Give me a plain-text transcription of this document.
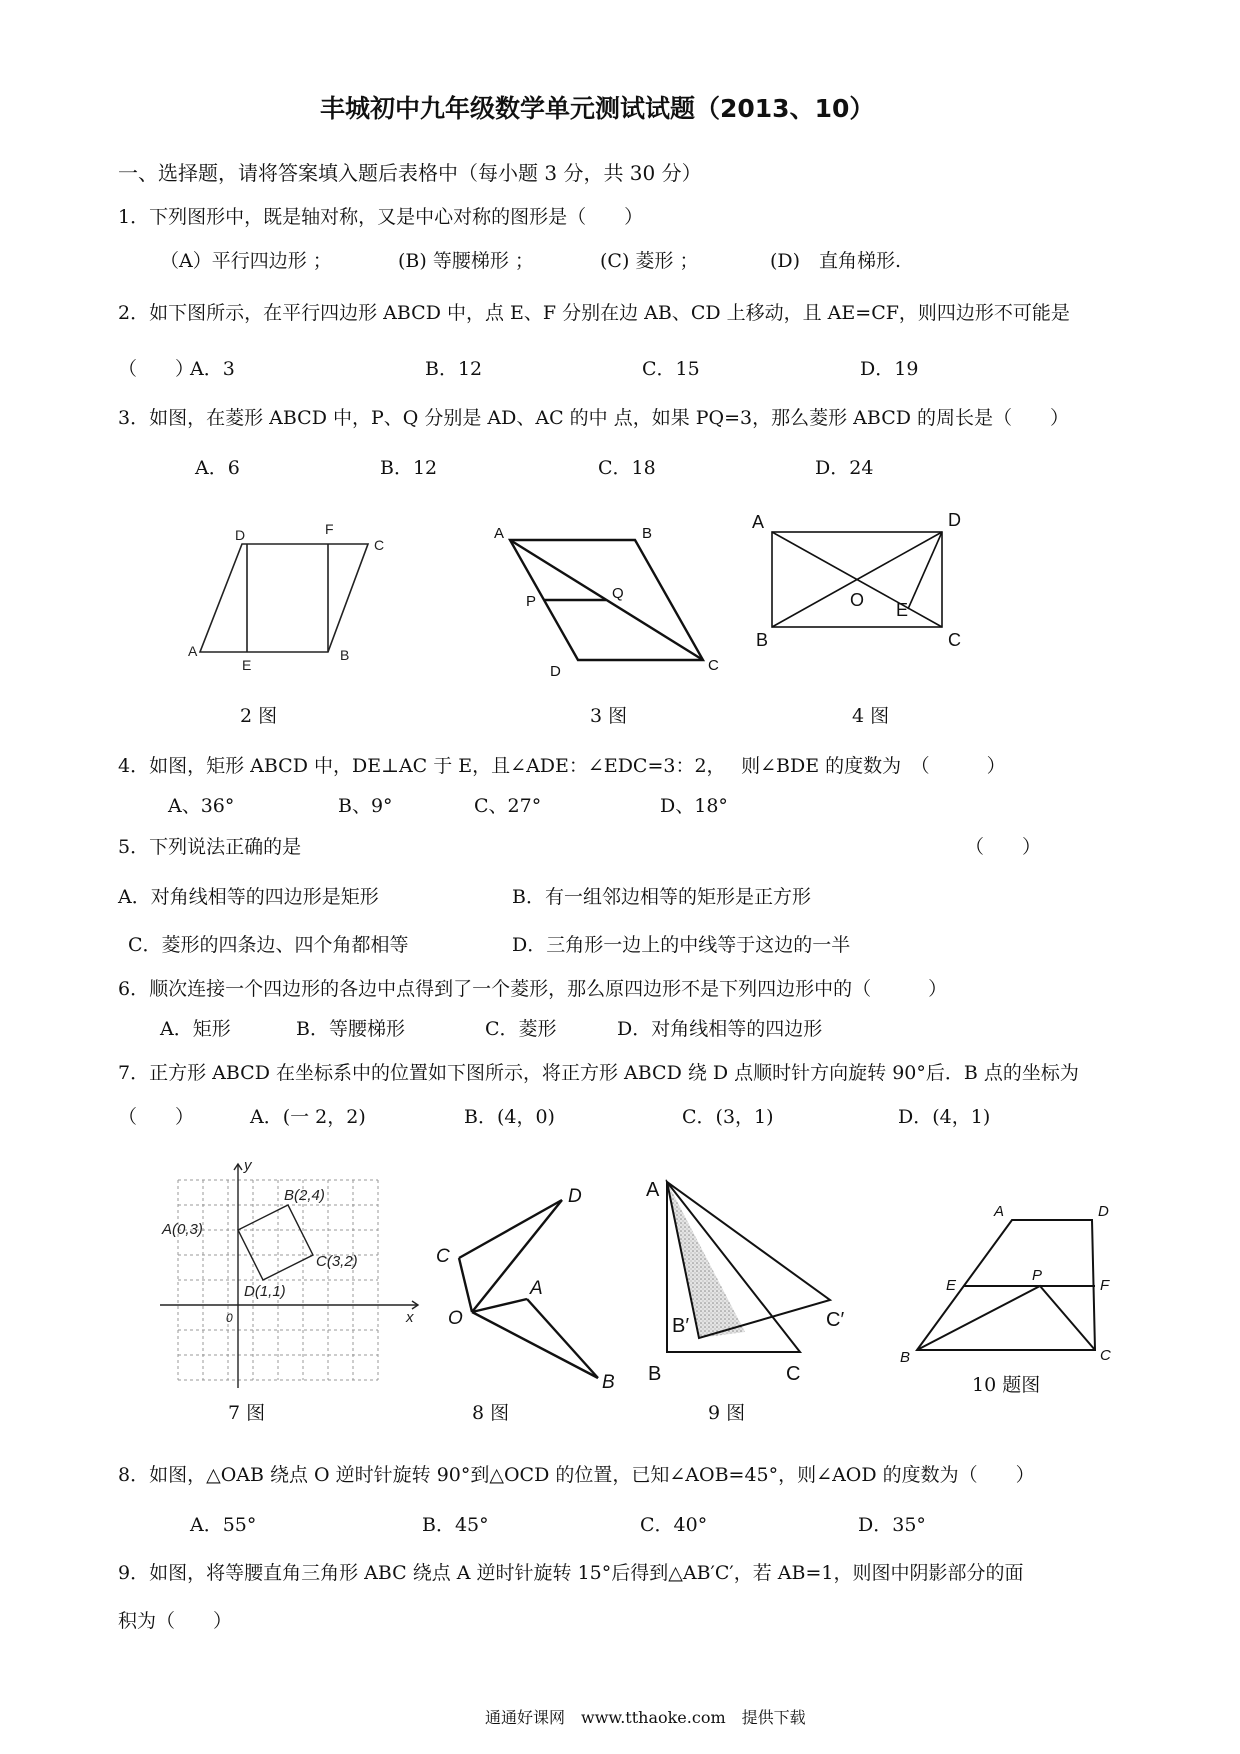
丰城初中九年级数学单元测试试题（2013、10）
一、选择题，请将答案填入题后表格中（每小题 3 分，共 30 分）
1．下列图形中，既是轴对称，又是中心对称的图形是（　　）
（A）平行四边形 ；	(B) 等腰梯形 ；	(C) 菱形 ；	(D)　直角梯形.
2．如下图所示，在平行四边形 ABCD 中，点 E、F 分别在边 AB、CD 上移动，且 AE=CF，则四边形不可能是
（　　）
A．3	B．12	C．15	D．19
3．如图，在菱形 ABCD 中，P、Q 分别是 AD、AC 的中 点，如果 PQ=3，那么菱形 ABCD 的周长是（　　）
A．6	B．12	C．18	D．24
D	F
C
A
E
B
2 图
A	B
P	Q
D	C
3 图
A	D
O E
B	C
4 图
4．如图，矩形 ABCD 中，DE⊥AC 于 E，且∠ADE：∠EDC=3：2，　 则∠BDE 的度数为　（　　　）
A、36°	B、9°	C、27°	D、18°
5．下列说法正确的是	（　　）
A．对角线相等的四边形是矩形	B．有一组邻边相等的矩形是正方形
C．菱形的四条边、四个角都相等	D．三角形一边上的中线等于这边的一半
6．顺次连接一个四边形的各边中点得到了一个菱形，那么原四边形不是下列四边形中的（　　　）
A．矩形	B．等腰梯形	C．菱形	D．对角线相等的四边形
7．正方形 ABCD 在坐标系中的位置如下图所示，将正方形 ABCD 绕 D 点顺时针方向旋转 90°后．B 点的坐标为
（　　）	A．(一 2，2)	B．(4，0)	C．(3，1)	D．(4，1)
y
B(2,4)
A(0,3)
C(3,2)
D(1,1)
0	x
7 图
D
C
A
O
B
8 图
A
B′	C′
B	C
9 图
A	D
E
P
F
B	C
10 题图
8．如图，△OAB 绕点 O 逆时针旋转 90°到△OCD 的位置，已知∠AOB=45°，则∠AOD 的度数为（　　）
A．55°	B．45°	C．40°	D．35°
9．如图，将等腰直角三角形 ABC 绕点 A 逆时针旋转 15°后得到△AB′C′，若 AB=1，则图中阴影部分的面
积为（　　）
通通好课网　www.tthaoke.com　提供下载
